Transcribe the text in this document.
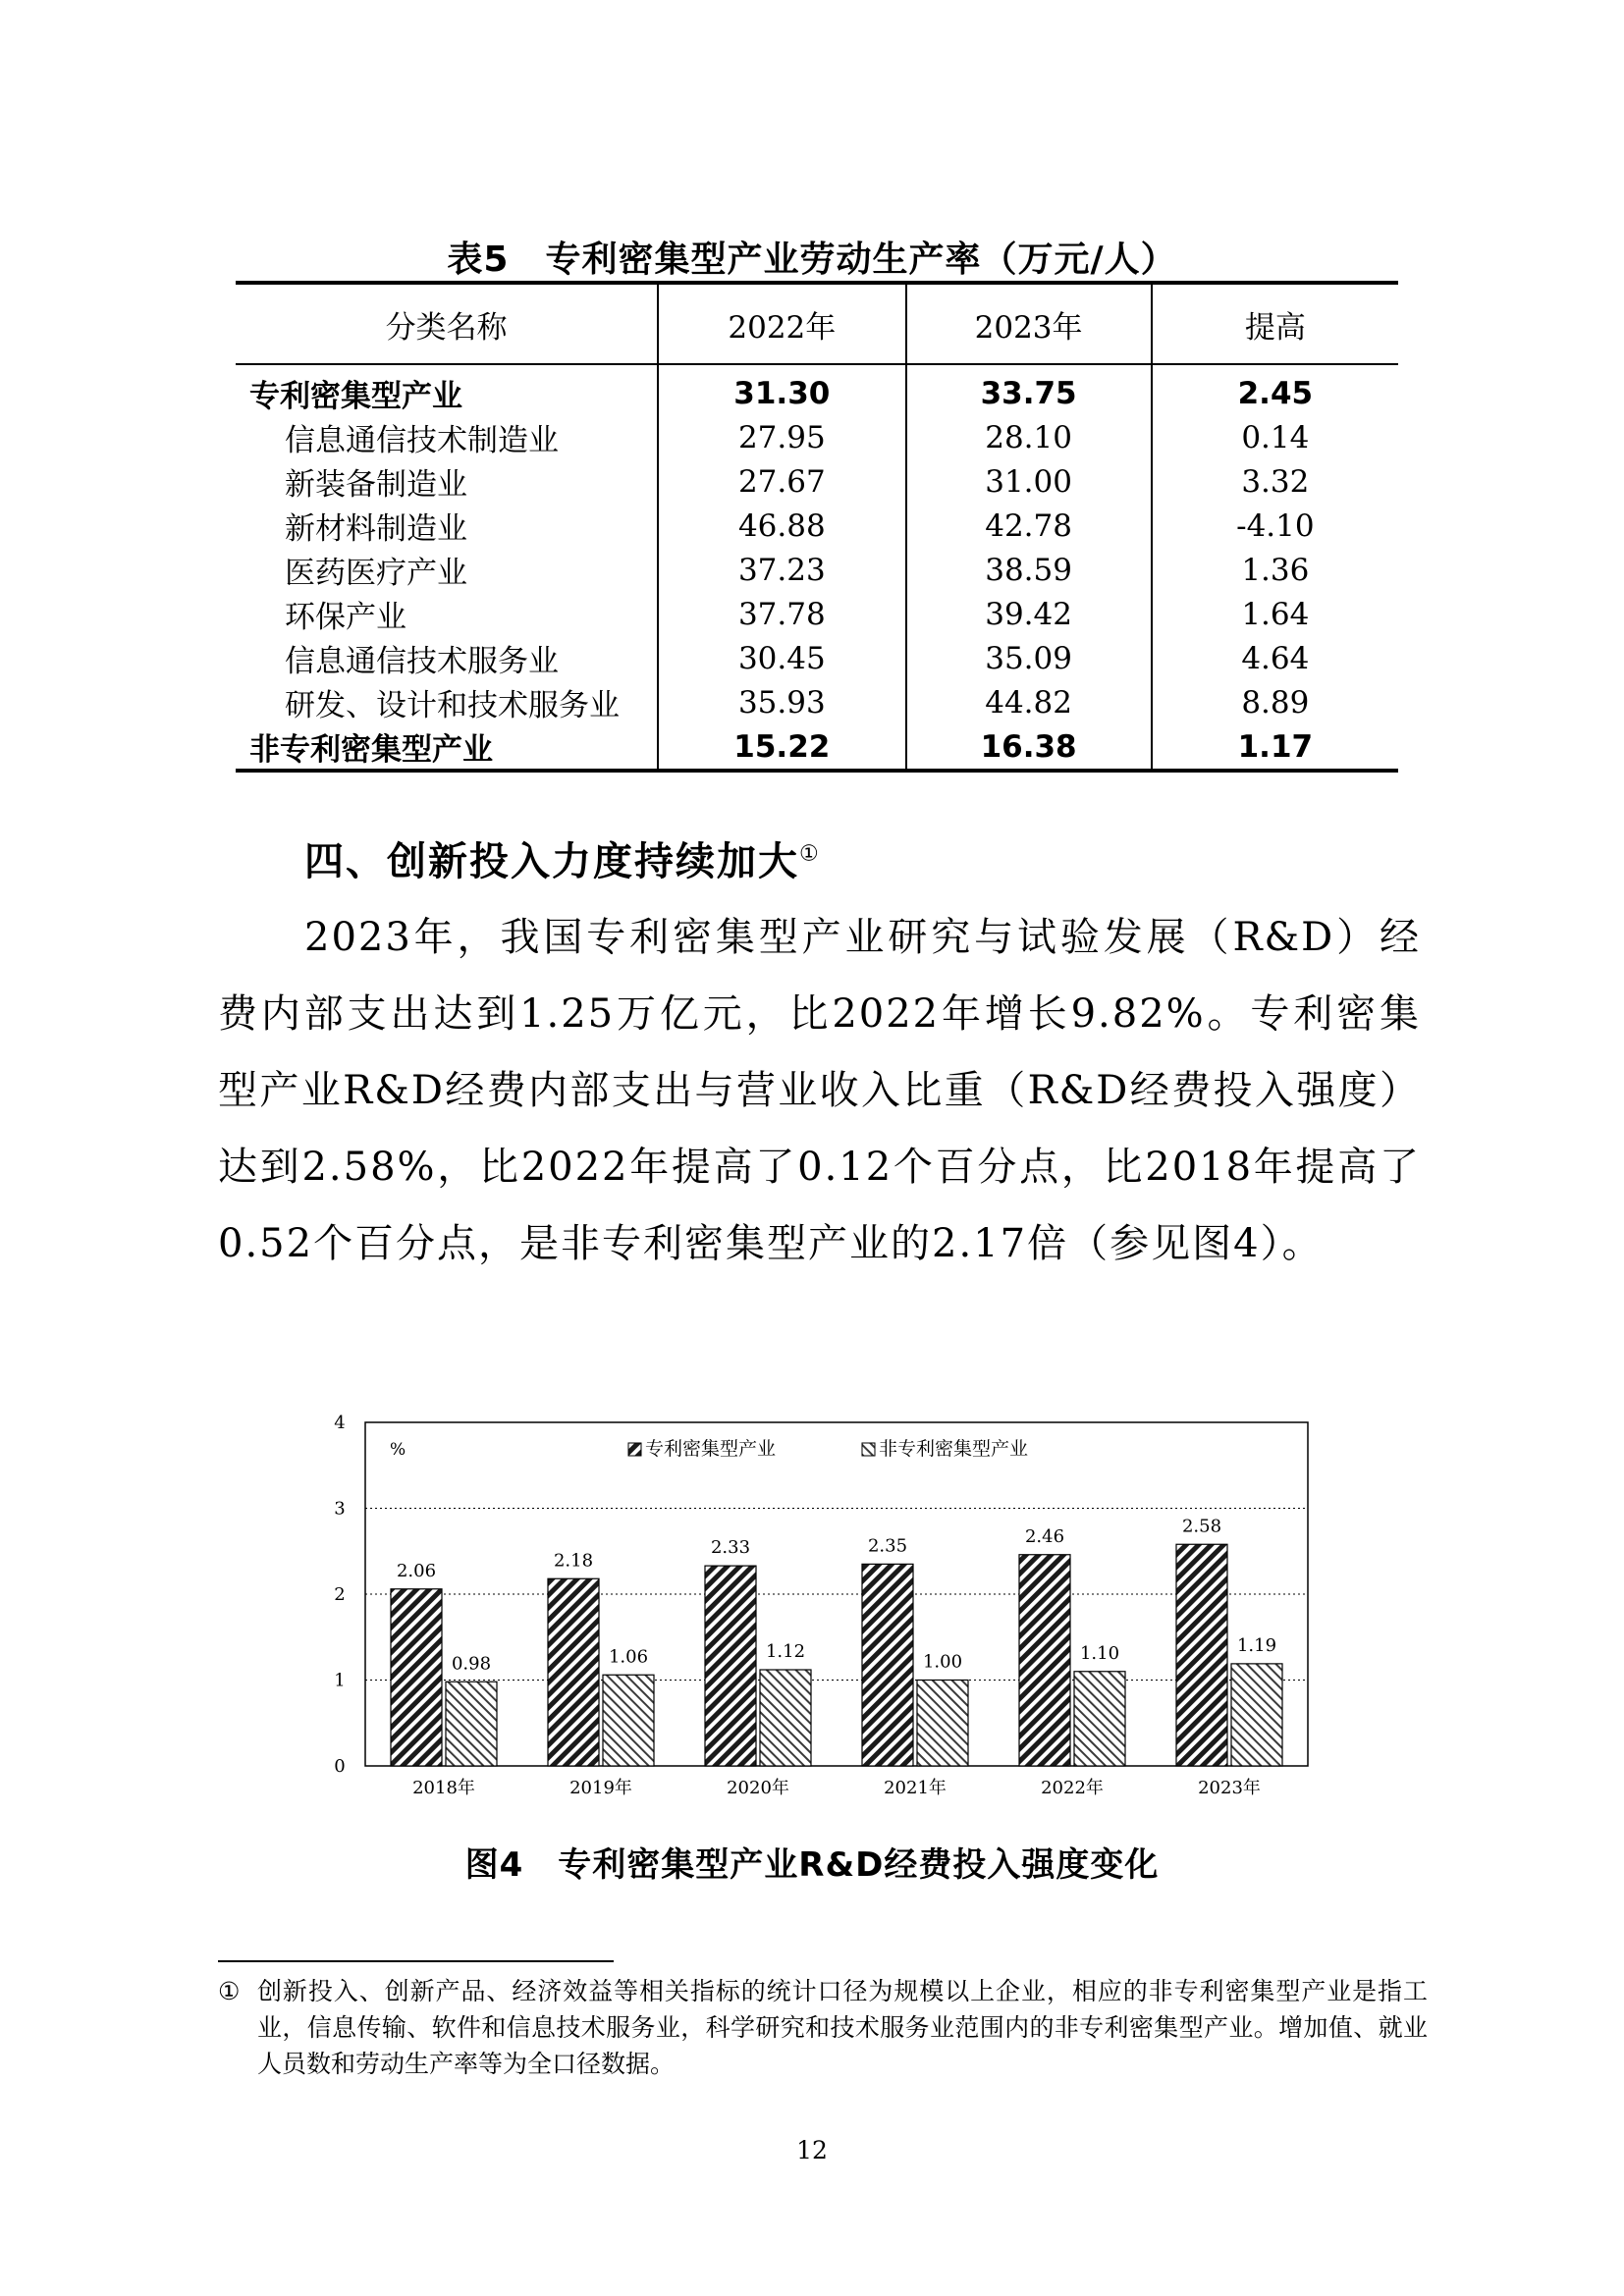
表5　专利密集型产业劳动生产率（万元/人）
分类名称	2022年	2023年	提高
专利密集型产业	31.30	33.75	2.45
信息通信技术制造业	27.95	28.10	0.14
新装备制造业	27.67	31.00	3.32
新材料制造业	46.88	42.78	-4.10
医药医疗产业	37.23	38.59	1.36
环保产业	37.78	39.42	1.64
信息通信技术服务业	30.45	35.09	4.64
研发、设计和技术服务业	35.93	44.82	8.89
非专利密集型产业	15.22	16.38	1.17
四、创新投入力度持续加大①
2023年，我国专利密集型产业研究与试验发展（R&D）经费内部支出达到1.25万亿元，比2022年增长9.82%。专利密集型产业R&D经费内部支出与营业收入比重（R&D经费投入强度）达到2.58%，比2022年提高了0.12个百分点，比2018年提高了0.52个百分点，是非专利密集型产业的2.17倍（参见图4）。
0
1
2
3
4
%	专利密集型产业	非专利密集型产业
2.06
0.98
2.18
1.06
2.33
1.12
2.35
1.00
2.46
1.10
2.58
1.19
2018年	2019年	2020年	2021年	2022年	2023年
图4　专利密集型产业R&D经费投入强度变化
① 创新投入、创新产品、经济效益等相关指标的统计口径为规模以上企业，相应的非专利密集型产业是指工业，信息传输、软件和信息技术服务业，科学研究和技术服务业范围内的非专利密集型产业。增加值、就业人员数和劳动生产率等为全口径数据。
12
